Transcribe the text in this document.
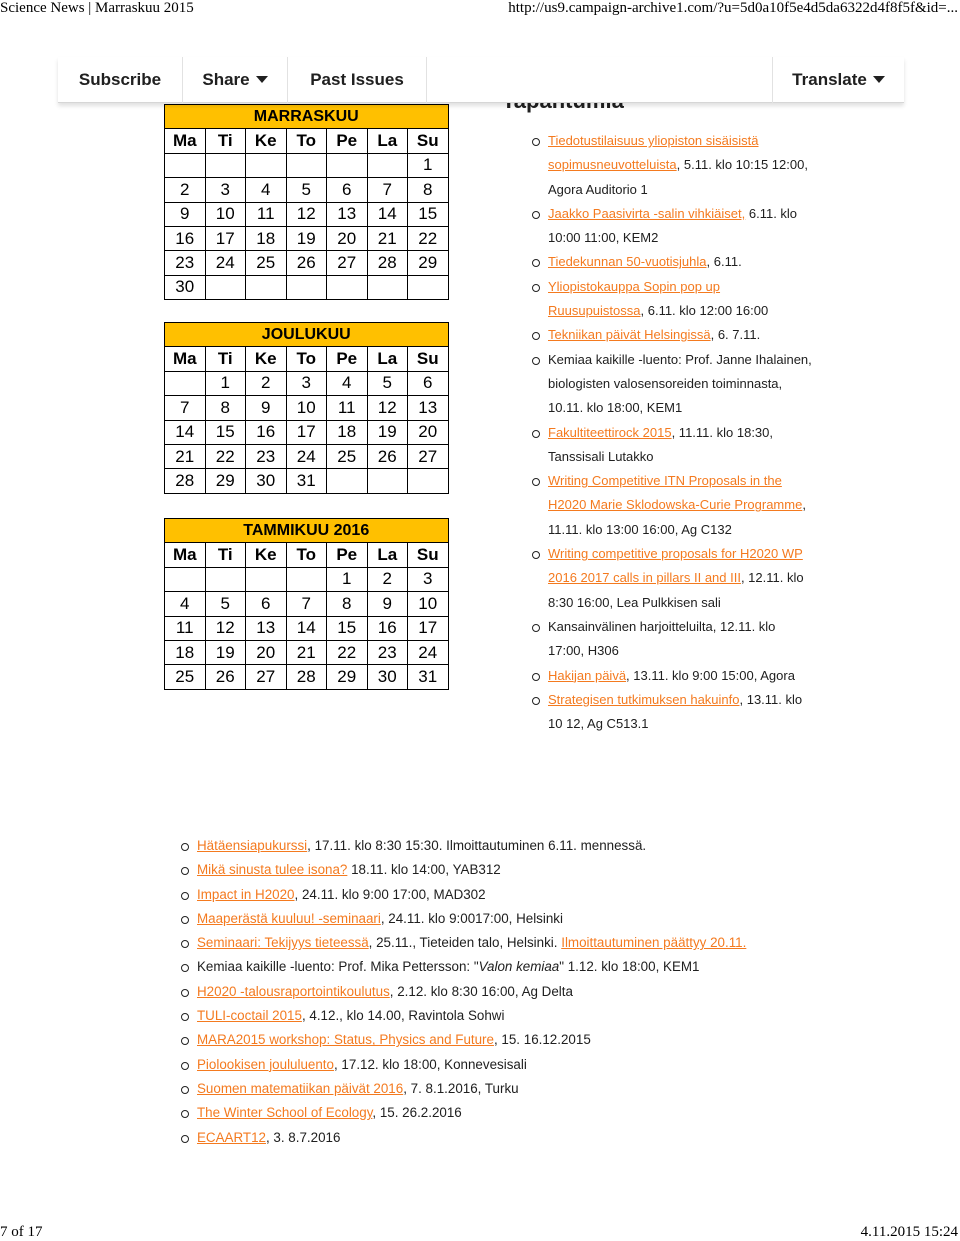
Science News | Marraskuu 2015	http://us9.campaign-archive1.com/?u=5d0a10f5e4d5da6322d4f8f5f&id=...
Subscribe	Share	Past Issues	Translate
MARRASKUU						
Ma	Ti	Ke	To	Pe	La	Su
						1
2	3	4	5	6	7	8
9	10	11	12	13	14	15
16	17	18	19	20	21	22
23	24	25	26	27	28	29
30						
JOULUKUU						
Ma	Ti	Ke	To	Pe	La	Su
	1	2	3	4	5	6
7	8	9	10	11	12	13
14	15	16	17	18	19	20
21	22	23	24	25	26	27
28	29	30	31			
TAMMIKUU 2016						
Ma	Ti	Ke	To	Pe	La	Su
				1	2	3
4	5	6	7	8	9	10
11	12	13	14	15	16	17
18	19	20	21	22	23	24
25	26	27	28	29	30	31
Tiedotustilaisuus yliopiston sisäisistä sopimusneuvotteluista, 5.11. klo 10:15 12:00, Agora Auditorio 1
Jaakko Paasivirta -salin vihkiäiset, 6.11. klo 10:00 11:00, KEM2
Tiedekunnan 50-vuotisjuhla, 6.11.
Yliopistokauppa Sopin pop up Ruusupuistossa, 6.11. klo 12:00 16:00
Tekniikan päivät Helsingissä, 6. 7.11.
Kemiaa kaikille -luento: Prof. Janne Ihalainen, biologisten valosensoreiden toiminnasta, 10.11. klo 18:00, KEM1
Fakultiteettirock 2015, 11.11. klo 18:30, Tanssisali Lutakko
Writing Competitive ITN Proposals in the H2020 Marie Sklodowska-Curie Programme, 11.11. klo 13:00 16:00, Ag C132
Writing competitive proposals for H2020 WP 2016 2017 calls in pillars II and III, 12.11. klo 8:30 16:00, Lea Pulkkisen sali
Kansainvälinen harjoitteluilta, 12.11. klo 17:00, H306
Hakijan päivä, 13.11. klo 9:00 15:00, Agora
Strategisen tutkimuksen hakuinfo, 13.11. klo 10 12, Ag C513.1
Hätäensiapukurssi, 17.11. klo 8:30 15:30. Ilmoittautuminen 6.11. mennessä.
Mikä sinusta tulee isona? 18.11. klo 14:00, YAB312
Impact in H2020, 24.11. klo 9:00 17:00, MAD302
Maaperästä kuuluu! -seminaari, 24.11. klo 9:0017:00, Helsinki
Seminaari: Tekijyys tieteessä, 25.11., Tieteiden talo, Helsinki. Ilmoittautuminen päättyy 20.11.
Kemiaa kaikille -luento: Prof. Mika Pettersson: "Valon kemiaa" 1.12. klo 18:00, KEM1
H2020 -talousraportointikoulutus, 2.12. klo 8:30 16:00, Ag Delta
TULI-coctail 2015, 4.12., klo 14.00, Ravintola Sohwi
MARA2015 workshop: Status, Physics and Future, 15. 16.12.2015
Piolookisen joululuento, 17.12. klo 18:00, Konnevesisali
Suomen matematiikan päivät 2016, 7. 8.1.2016, Turku
The Winter School of Ecology, 15. 26.2.2016
ECAART12, 3. 8.7.2016
7 of 17	4.11.2015 15:24
